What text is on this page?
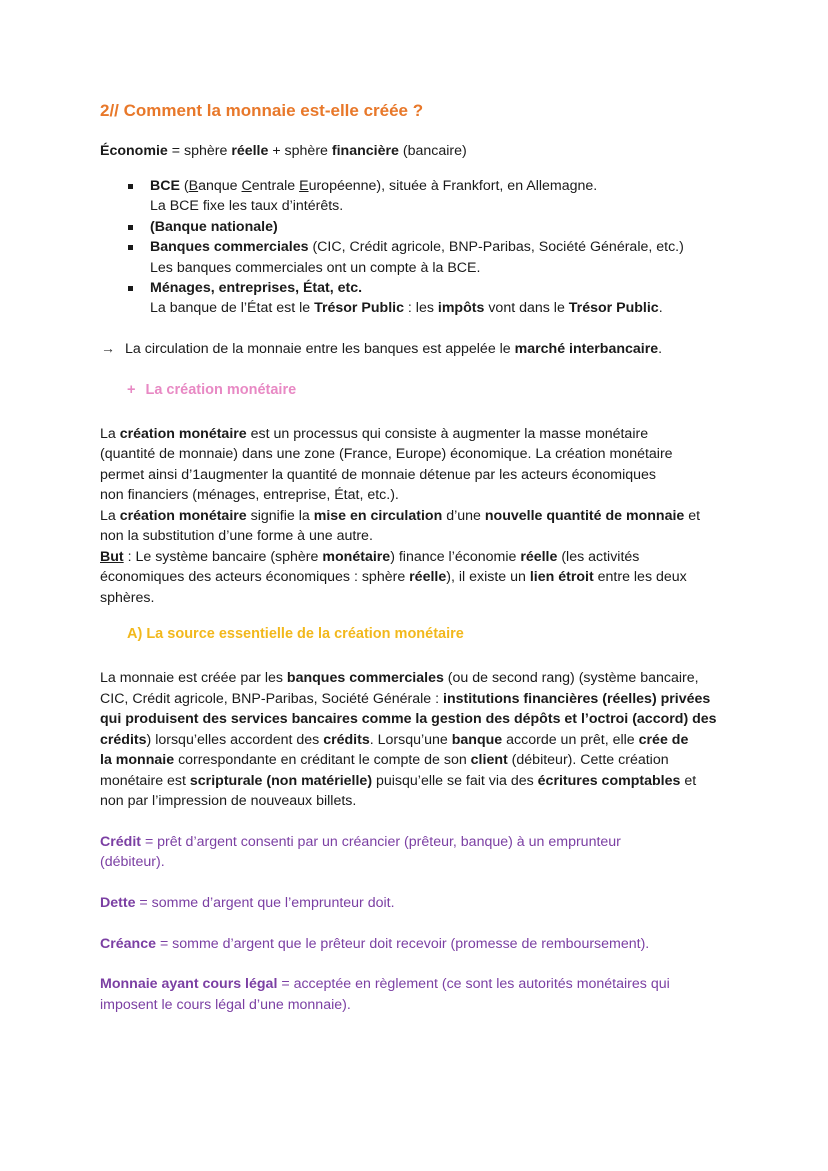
2// Comment la monnaie est-elle créée ?
Économie = sphère réelle + sphère financière (bancaire)
BCE (Banque Centrale Européenne), située à Frankfort, en Allemagne.
La BCE fixe les taux d’intérêts.
(Banque nationale)
Banques commerciales (CIC, Crédit agricole, BNP-Paribas, Société Générale, etc.)
Les banques commerciales ont un compte à la BCE.
Ménages, entreprises, État, etc.
La banque de l’État est le Trésor Public : les impôts vont dans le Trésor Public.
→ La circulation de la monnaie entre les banques est appelée le marché interbancaire.
+ La création monétaire
La création monétaire est un processus qui consiste à augmenter la masse monétaire
(quantité de monnaie) dans une zone (France, Europe) économique. La création monétaire
permet ainsi d’1augmenter la quantité de monnaie détenue par les acteurs économiques
non financiers (ménages, entreprise, État, etc.).
La création monétaire signifie la mise en circulation d’une nouvelle quantité de monnaie et
non la substitution d’une forme à une autre.
But : Le système bancaire (sphère monétaire) finance l’économie réelle (les activités
économiques des acteurs économiques : sphère réelle), il existe un lien étroit entre les deux
sphères.
A) La source essentielle de la création monétaire
La monnaie est créée par les banques commerciales (ou de second rang) (système bancaire,
CIC, Crédit agricole, BNP-Paribas, Société Générale : institutions financières (réelles) privées
qui produisent des services bancaires comme la gestion des dépôts et l’octroi (accord) des
crédits) lorsqu’elles accordent des crédits. Lorsqu’une banque accorde un prêt, elle crée de
la monnaie correspondante en créditant le compte de son client (débiteur). Cette création
monétaire est scripturale (non matérielle) puisqu’elle se fait via des écritures comptables et
non par l’impression de nouveaux billets.
Crédit = prêt d’argent consenti par un créancier (prêteur, banque) à un emprunteur
(débiteur).
Dette = somme d’argent que l’emprunteur doit.
Créance = somme d’argent que le prêteur doit recevoir (promesse de remboursement).
Monnaie ayant cours légal = acceptée en règlement (ce sont les autorités monétaires qui
imposent le cours légal d’une monnaie).
